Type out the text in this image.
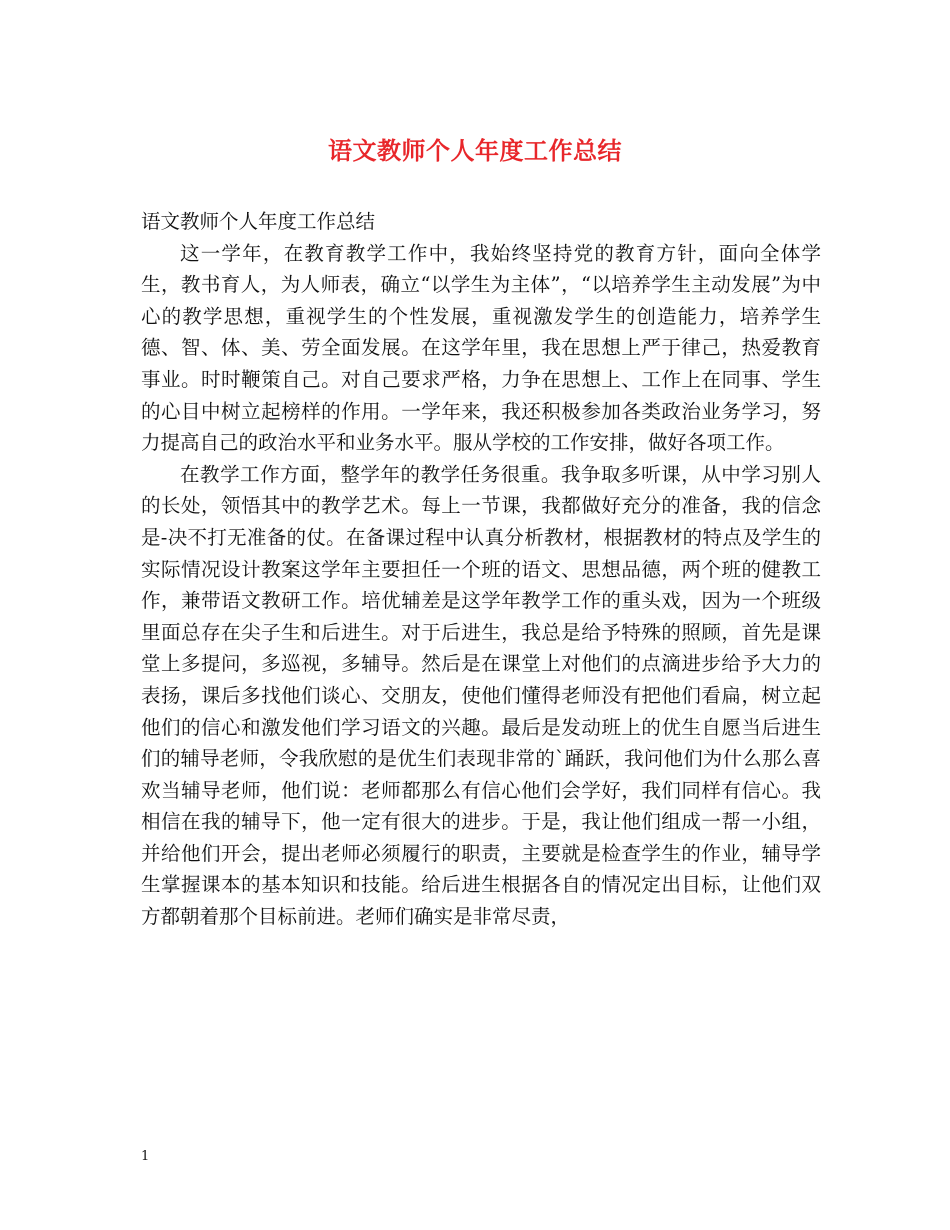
语文教师个人年度工作总结

语文教师个人年度工作总结

这一学年，在教育教学工作中，我始终坚持党的教育方针，面向全体学生，教书育人，为人师表，确立“以学生为主体”，“以培养学生主动发展”为中心的教学思想，重视学生的个性发展，重视激发学生的创造能力，培养学生德、智、体、美、劳全面发展。在这学年里，我在思想上严于律己，热爱教育事业。时时鞭策自己。对自己要求严格，力争在思想上、工作上在同事、学生的心目中树立起榜样的作用。一学年来，我还积极参加各类政治业务学习，努力提高自己的政治水平和业务水平。服从学校的工作安排，做好各项工作。

在教学工作方面，整学年的教学任务很重。我争取多听课，从中学习别人的长处，领悟其中的教学艺术。每上一节课，我都做好充分的准备，我的信念是-决不打无准备的仗。在备课过程中认真分析教材，根据教材的特点及学生的实际情况设计教案这学年主要担任一个班的语文、思想品德，两个班的健教工作，兼带语文教研工作。培优辅差是这学年教学工作的重头戏，因为一个班级里面总存在尖子生和后进生。对于后进生，我总是给予特殊的照顾，首先是课堂上多提问，多巡视，多辅导。然后是在课堂上对他们的点滴进步给予大力的表扬，课后多找他们谈心、交朋友，使他们懂得老师没有把他们看扁，树立起他们的信心和激发他们学习语文的兴趣。最后是发动班上的优生自愿当后进生们的辅导老师，令我欣慰的是优生们表现非常的`踊跃，我问他们为什么那么喜欢当辅导老师，他们说：老师都那么有信心他们会学好，我们同样有信心。我相信在我的辅导下，他一定有很大的进步。于是，我让他们组成一帮一小组，并给他们开会，提出老师必须履行的职责，主要就是检查学生的作业，辅导学生掌握课本的基本知识和技能。给后进生根据各自的情况定出目标，让他们双方都朝着那个目标前进。老师们确实是非常尽责，

1
